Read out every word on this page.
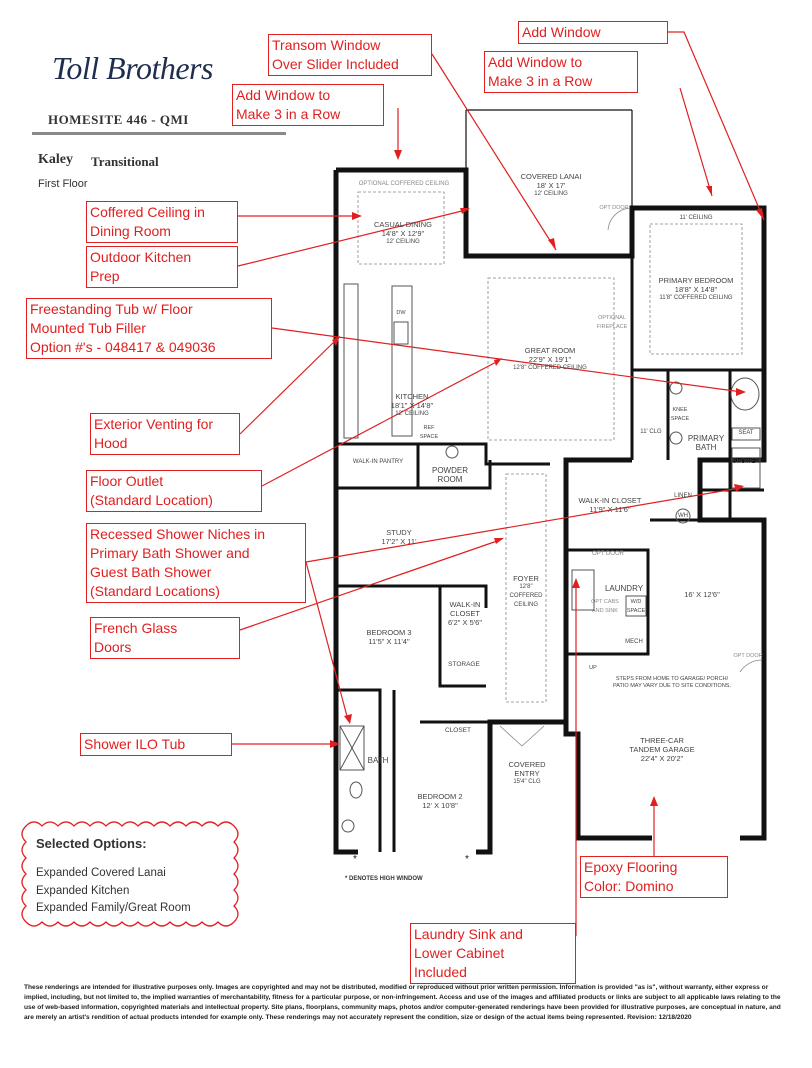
Toll Brothers
HOMESITE 446 - QMI
Kaley Transitional
First Floor
*	*
COVERED LANAI
18' X 17'
12' CEILING
OPTIONAL COFFERED CEILING
CASUAL DINING
14'8" X 12'9"
12' CEILING
11' CEILING
OPT DOOR
PRIMARY BEDROOM
18'8" X 14'8"
11'8" COFFERED CEILING
OPTIONAL FIREPLACE
GREAT ROOM
22'9" X 19'1"
12'8" COFFERED CEILING
DW
KITCHEN
18'1" X 14'8"
12' CEILING
REF SPACE
KNEE SPACE
11' CLG
PRIMARY BATH
SEAT
SHOWER
WALK-IN PANTRY
POWDER ROOM
WALK-IN CLOSET
11'9" X 11'6"
LINEN
WH
STUDY
17'2" X 11'
OPT DOOR
LAUNDRY
OPT CABS AND SINK
W/D SPACE
FOYER
12'8"
COFFERED
CEILING
MECH
16' X 12'6"
OPT DOOR
BEDROOM 3
11'5" X 11'4"
WALK-IN
CLOSET
6'2" X 5'6"
STORAGE
STEPS FROM HOME TO GARAGE/ PORCH/
PATIO MAY VARY DUE TO SITE CONDITIONS.
UP
THREE-CAR
TANDEM GARAGE
22'4" X 20'2"
CLOSET
BATH	COVERED
ENTRY
15'4" CLG
BEDROOM 2
12' X 10'8"
* DENOTES HIGH WINDOW
Transom Window
Over Slider Included
Add Window
Add Window to
Make 3 in a Row
Add Window to
Make 3 in a Row
Coffered Ceiling in
Dining Room
Outdoor Kitchen
Prep
Freestanding Tub w/ Floor
Mounted Tub Filler
Option #'s - 048417 & 049036
Exterior Venting for
Hood
Floor Outlet
(Standard Location)
Recessed Shower Niches in
Primary Bath Shower and
Guest Bath Shower
(Standard Locations)
French Glass
Doors
Shower ILO Tub
Epoxy Flooring
Color: Domino
Laundry Sink and
Lower Cabinet
Included
Selected Options:
Expanded Covered Lanai
Expanded Kitchen
Expanded Family/Great Room
These renderings are intended for illustrative purposes only. Images are copyrighted and may not be distributed, modified or reproduced without prior written permission. Information is provided "as is", without warranty, either express or implied, including, but not limited to, the implied warranties of merchantability, fitness for a particular purpose, or non-infringement. Access and use of the images and affiliated products or links are subject to all applicable laws relating to the use of web-based information, copyrighted materials and intellectual property. Site plans, floorplans, community maps, photos and/or computer-generated renderings have been provided for illustrative purposes, are conceptual in nature, and are merely an artist's rendition of actual products intended for example only. These renderings may not accurately represent the condition, size or design of the actual items being represented. Revision: 12/18/2020
